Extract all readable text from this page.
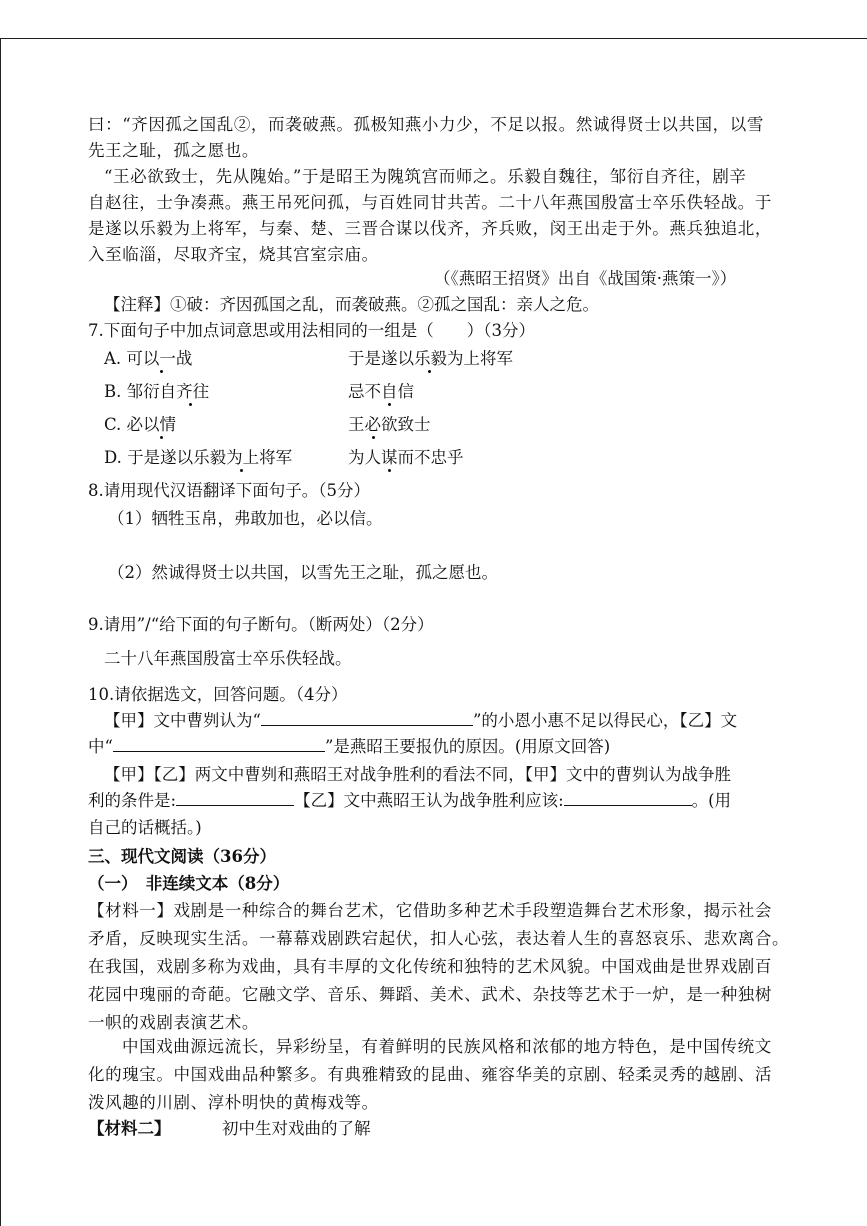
曰：“齐因孤之国乱②，而袭破燕。孤极知燕小力少，不足以报。然诚得贤士以共国，以雪
先王之耻，孤之愿也。
“王必欲致士，先从隗始。”于是昭王为隗筑宫而师之。乐毅自魏往，邹衍自齐往，剧辛
自赵往，士争凑燕。燕王吊死问孤，与百姓同甘共苦。二十八年燕国殷富士卒乐佚轻战。于
是遂以乐毅为上将军，与秦、楚、三晋合谋以伐齐，齐兵败，闵王出走于外。燕兵独追北，
入至临淄，尽取齐宝，烧其宫室宗庙。
（《燕昭王招贤》出自《战国策·燕策一》）
【注释】①破：齐因孤国之乱，而袭破燕。②孤之国乱：亲人之危。
7.下面句子中加点词意思或用法相同的一组是（　　）（3分）
A. 可以一战	于是遂以乐毅为上将军
B. 邹衍自齐往	忌不自信
C. 必以情	王必欲致士
D. 于是遂以乐毅为上将军	为人谋而不忠乎
8.请用现代汉语翻译下面句子。（5分）
（1）牺牲玉帛，弗敢加也，必以信。
（2）然诚得贤士以共国，以雪先王之耻，孤之愿也。
9.请用”/“给下面的句子断句。（断两处）（2分）
二十八年燕国殷富士卒乐佚轻战。
10.请依据选文，回答问题。（4分）
【甲】文中曹刿认为“	”的小恩小惠不足以得民心，【乙】文
中“	”是燕昭王要报仇的原因。(用原文回答)
【甲】【乙】两文中曹刿和燕昭王对战争胜利的看法不同，【甲】文中的曹刿认为战争胜
利的条件是:	【乙】文中燕昭王认为战争胜利应该:	。(用
自己的话概括。)
三、现代文阅读（36分）
（一）　非连续文本（8分）
【材料一】戏剧是一种综合的舞台艺术，它借助多种艺术手段塑造舞台艺术形象，揭示社会
矛盾，反映现实生活。一幕幕戏剧跌宕起伏，扣人心弦，表达着人生的喜怒哀乐、悲欢离合。
在我国，戏剧多称为戏曲，具有丰厚的文化传统和独特的艺术风貌。中国戏曲是世界戏剧百
花园中瑰丽的奇葩。它融文学、音乐、舞蹈、美术、武术、杂技等艺术于一炉，是一种独树
一帜的戏剧表演艺术。
中国戏曲源远流长，异彩纷呈，有着鲜明的民族风格和浓郁的地方特色，是中国传统文
化的瑰宝。中国戏曲品种繁多。有典雅精致的昆曲、雍容华美的京剧、轻柔灵秀的越剧、活
泼风趣的川剧、淳朴明快的黄梅戏等。
【材料二】	初中生对戏曲的了解
